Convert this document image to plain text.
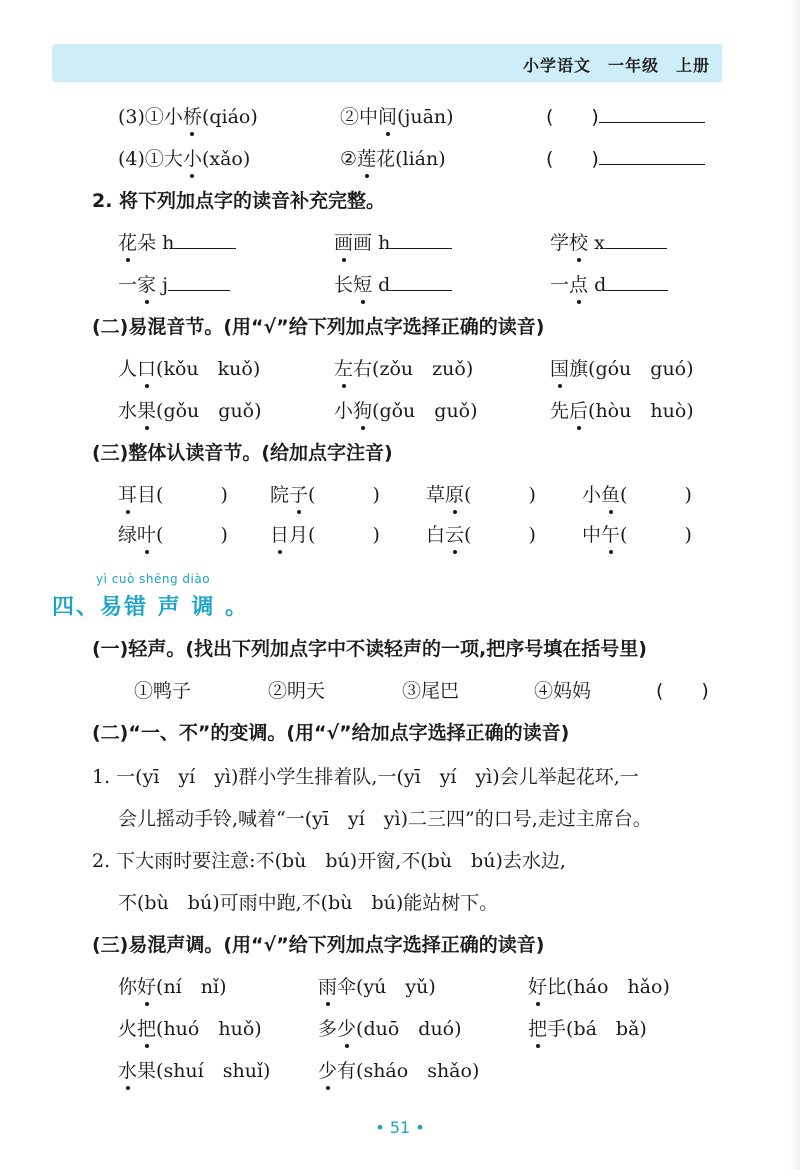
小学语文　一年级　上册
(3)①小桥(qiáo)	②中间(juān)	(　　)
(4)①大小(xǎo)	②莲花(lián)	(　　)
2. 将下列加点字的读音补充完整。
花朵 h	画画 h	学校 x
一家 j	长短 d	一点 d
(二)易混音节。(用“√”给下列加点字选择正确的读音)
人口(kǒu　kuǒ)	左右(zǒu　zuǒ)	国旗(góu　guó)
水果(gǒu　guǒ)	小狗(gǒu　guǒ)	先后(hòu　huò)
(三)整体认读音节。(给加点字注音)
耳目(　　　) 院子(　　　) 草原(　　　) 小鱼(　　　)
绿叶(　　　) 日月(　　　) 白云(　　　) 中午(　　　)
yì cuò shēng diào
四、易错 声 调 。
(一)轻声。(找出下列加点字中不读轻声的一项,把序号填在括号里)
①鸭子	②明天	③尾巴	④妈妈	(　　)
(二)“一、不”的变调。(用“√”给加点字选择正确的读音)
1. 一(yī　yí　yì)群小学生排着队,一(yī　yí　yì)会儿举起花环,一
会儿摇动手铃,喊着“一(yī　yí　yì)二三四”的口号,走过主席台。
2. 下大雨时要注意:不(bù　bú)开窗,不(bù　bú)去水边,
不(bù　bú)可雨中跑,不(bù　bú)能站树下。
(三)易混声调。(用“√”给下列加点字选择正确的读音)
你好(ní　nǐ)	雨伞(yú　yǔ)	好比(háo　hǎo)
火把(huó　huǒ)	多少(duō　duó)	把手(bá　bǎ)
水果(shuí　shuǐ)	少有(sháo　shǎo)
• 51 •
